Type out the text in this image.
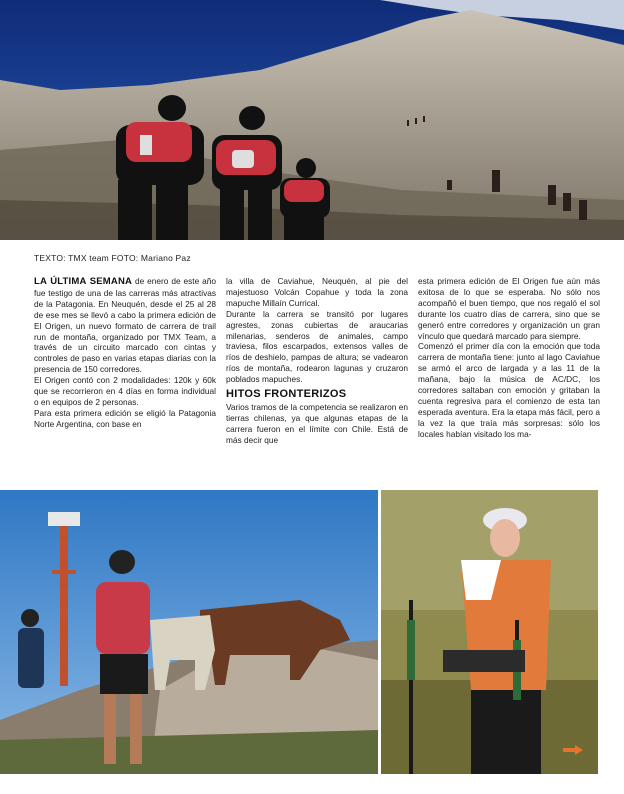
TEXTO: TMX team FOTO: Mariano Paz

LA ÚLTIMA SEMANA de enero de este año fue testigo de una de las carreras más atractivas de la Patagonia. En Neuquén, desde el 25 al 28 de ese mes se llevó a cabo la primera edición de El Origen, un nuevo formato de carrera de trail run de montaña, organizado por TMX Team, a través de un circuito marcado con cintas y controles de paso en varias etapas diarias con la presencia de 150 corredores.

El Origen contó con 2 modalidades: 120k y 60k que se recorrieron en 4 días en forma individual o en equipos de 2 personas.

Para esta primera edición se eligió la Patagonia Norte Argentina, con base en

la villa de Caviahue, Neuquén, al pie del majestuoso Volcán Copahue y toda la zona mapuche Millaín Currical.

Durante la carrera se transitó por lugares agrestes, zonas cubiertas de araucarias milenarias, senderos de animales, campo traviesa, filos escarpados, extensos valles de ríos de deshielo, pampas de altura; se vadearon ríos de montaña, rodearon lagunas y cruzaron poblados mapuches.

HITOS FRONTERIZOS

Varios tramos de la competencia se realizaron en tierras chilenas, ya que algunas etapas de la carrera fueron en el límite con Chile. Está de más decir que

esta primera edición de El Origen fue aún más exitosa de lo que se esperaba. No sólo nos acompañó el buen tiempo, que nos regaló el sol durante los cuatro días de carrera, sino que se generó entre corredores y organización un gran vínculo que quedará marcado para siempre.

Comenzó el primer día con la emoción que toda carrera de montaña tiene: junto al lago Caviahue se armó el arco de largada y a las 11 de la mañana, bajo la música de AC/DC, los corredores saltaban con emoción y gritaban la cuenta regresiva para el comienzo de esta tan esperada aventura. Era la etapa más fácil, pero a la vez la que traía más sorpresas: sólo los locales habían visitado los ma-
